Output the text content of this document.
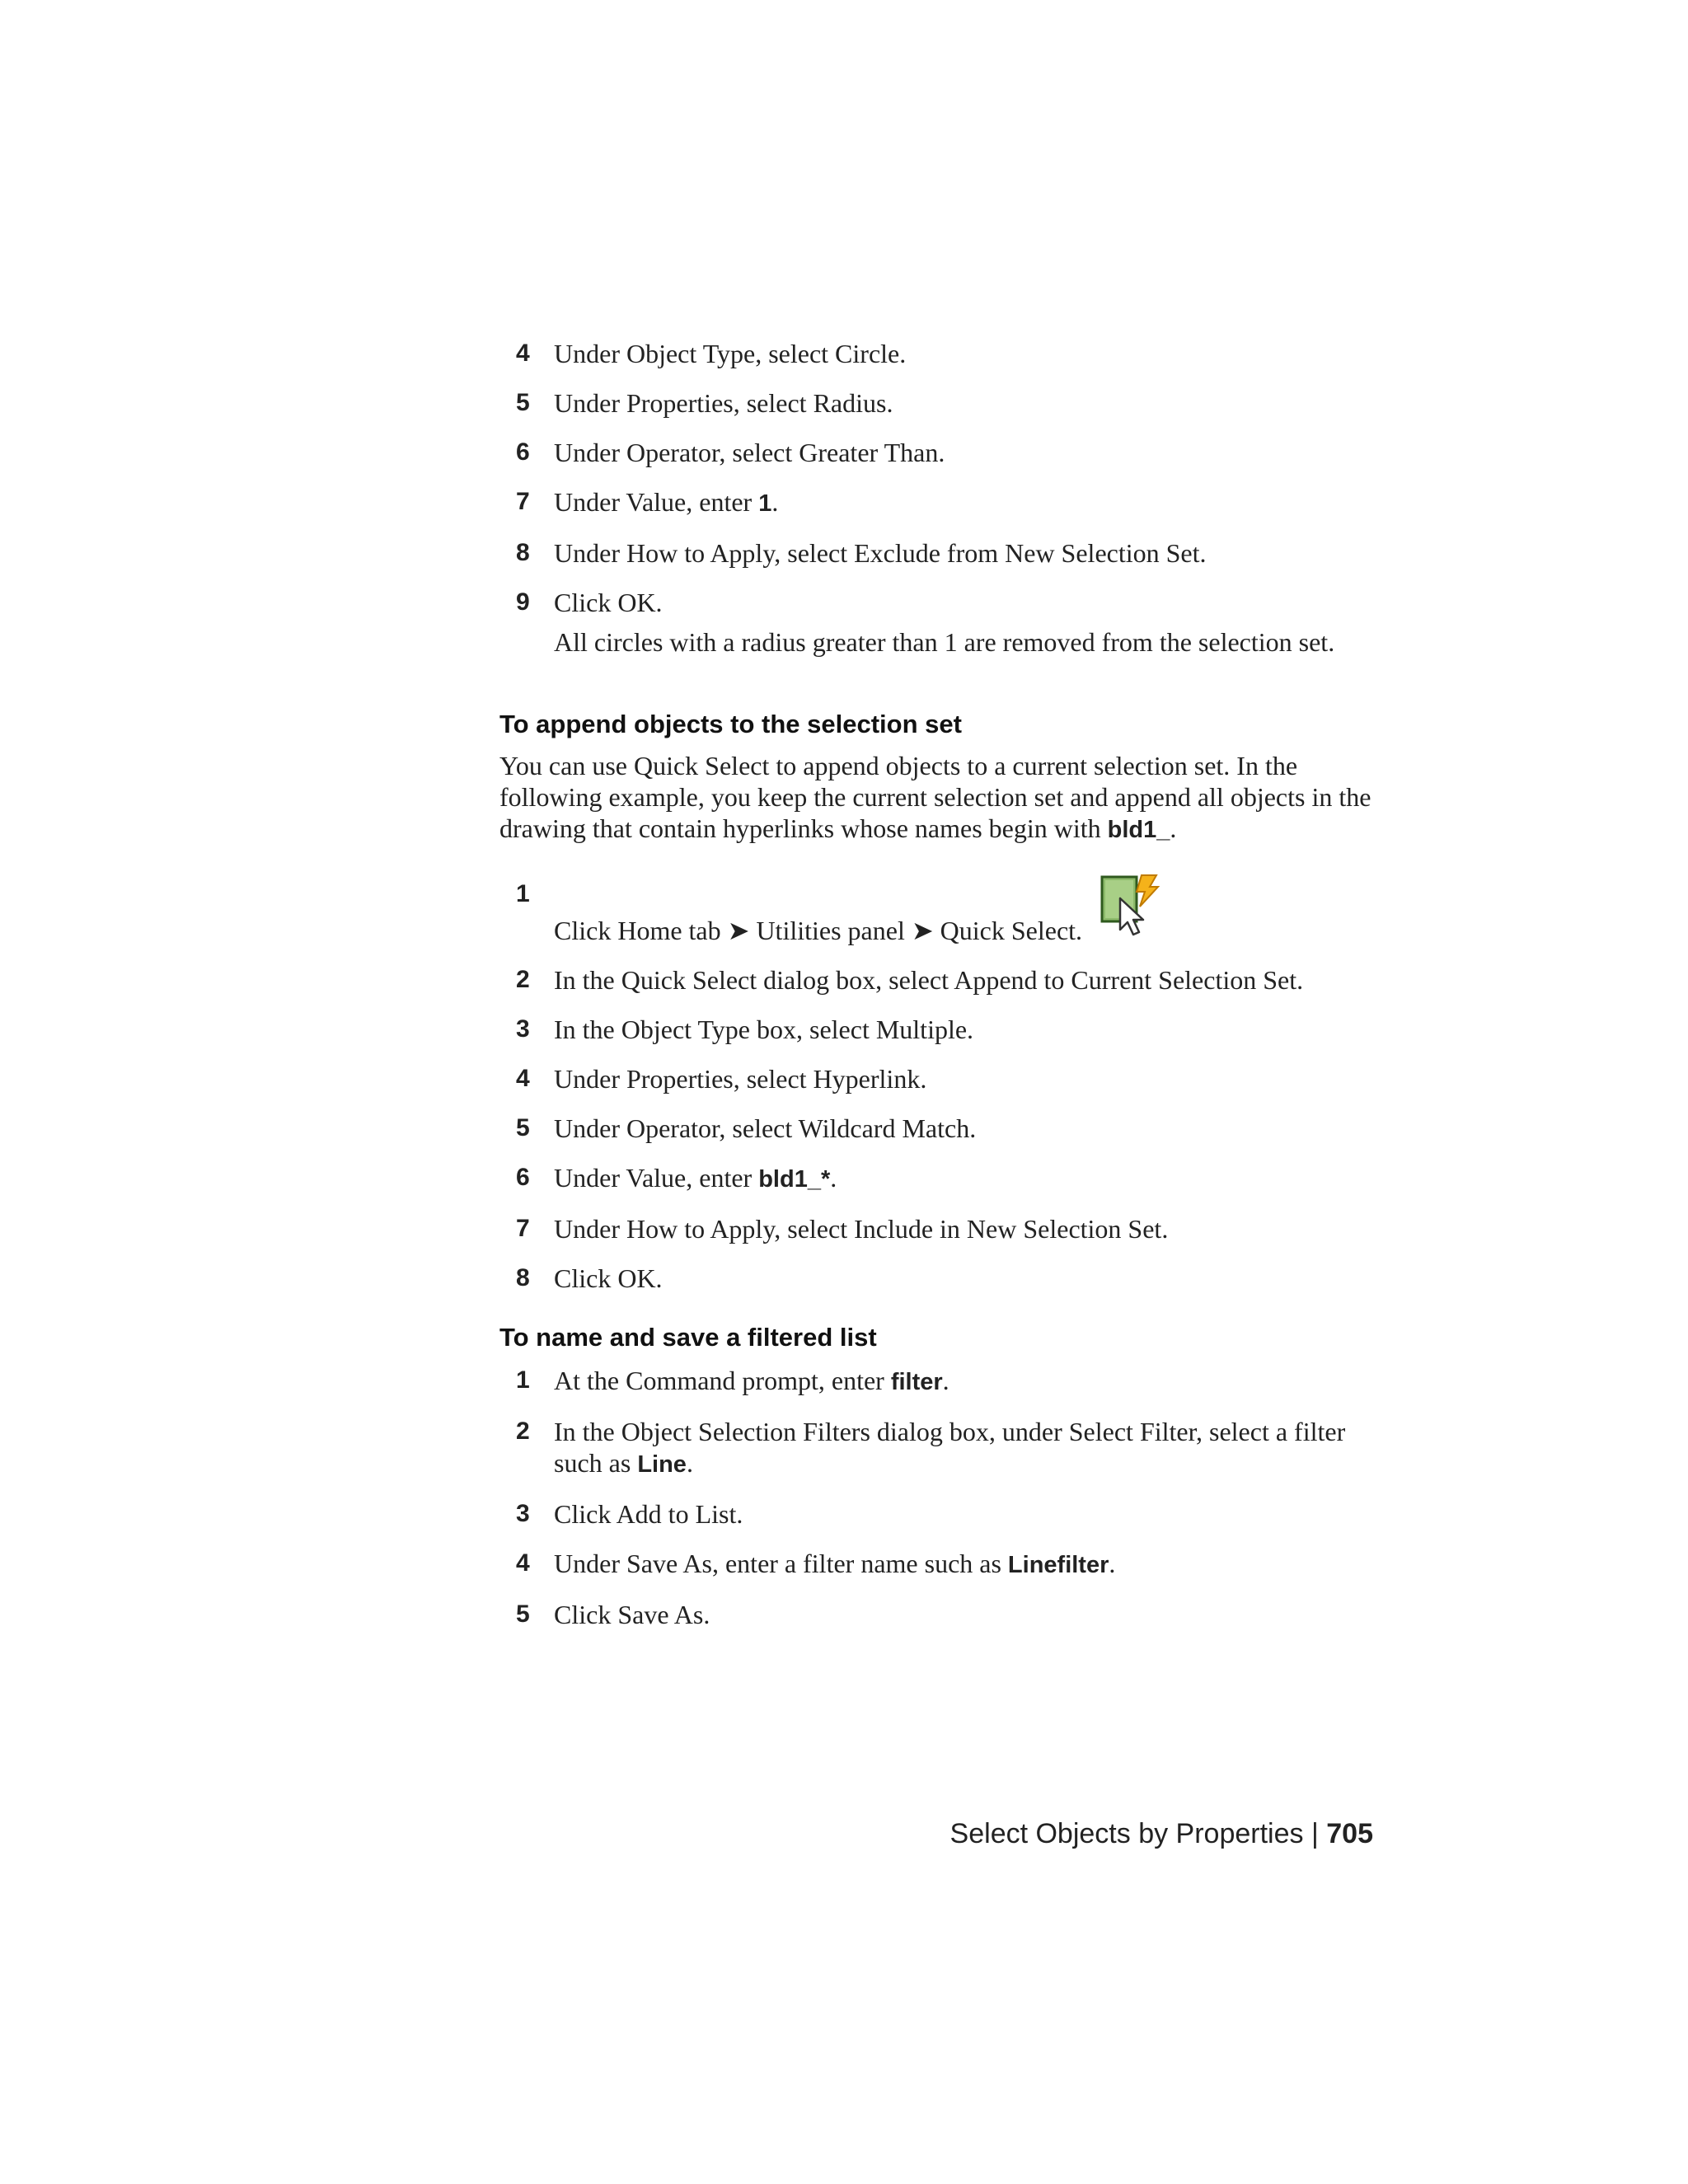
4 Under Object Type, select Circle.
5 Under Properties, select Radius.
6 Under Operator, select Greater Than.
7 Under Value, enter 1.
8 Under How to Apply, select Exclude from New Selection Set.
9 Click OK.
All circles with a radius greater than 1 are removed from the selection set.
To append objects to the selection set

You can use Quick Select to append objects to a current selection set. In the following example, you keep the current selection set and append all objects in the drawing that contain hyperlinks whose names begin with bld1_.

1
Click Home tab ➤ Utilities panel ➤ Quick Select.
2 In the Quick Select dialog box, select Append to Current Selection Set.
3 In the Object Type box, select Multiple.
4 Under Properties, select Hyperlink.
5 Under Operator, select Wildcard Match.
6 Under Value, enter bld1_*.
7 Under How to Apply, select Include in New Selection Set.
8 Click OK.
To name and save a filtered list
1 At the Command prompt, enter filter.
2 In the Object Selection Filters dialog box, under Select Filter, select a filter such as Line.
3 Click Add to List.
4 Under Save As, enter a filter name such as Linefilter.
5 Click Save As.
Select Objects by Properties | 705
